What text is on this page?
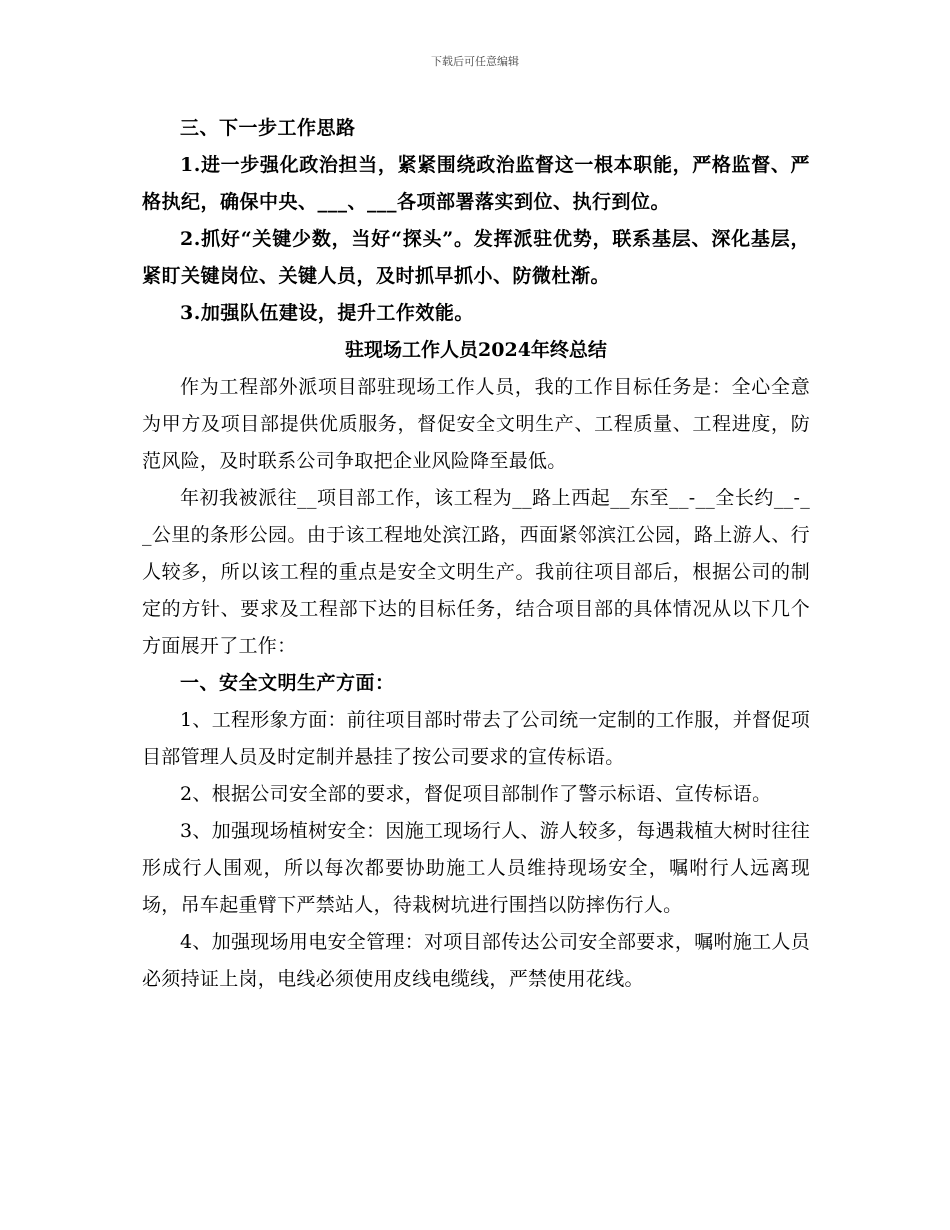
下载后可任意编辑

三、下一步工作思路

1.进一步强化政治担当，紧紧围绕政治监督这一根本职能，严格监督、严格执纪，确保中央、___、___各项部署落实到位、执行到位。

2.抓好“关键少数，当好“探头”。发挥派驻优势，联系基层、深化基层，紧盯关键岗位、关键人员，及时抓早抓小、防微杜渐。

3.加强队伍建设，提升工作效能。

驻现场工作人员2024年终总结

作为工程部外派项目部驻现场工作人员，我的工作目标任务是：全心全意为甲方及项目部提供优质服务，督促安全文明生产、工程质量、工程进度，防范风险，及时联系公司争取把企业风险降至最低。

年初我被派往__项目部工作，该工程为__路上西起__东至__-__全长约__-__公里的条形公园。由于该工程地处滨江路，西面紧邻滨江公园，路上游人、行人较多，所以该工程的重点是安全文明生产。我前往项目部后，根据公司的制定的方针、要求及工程部下达的目标任务，结合项目部的具体情况从以下几个方面展开了工作：

一、安全文明生产方面：

1、工程形象方面：前往项目部时带去了公司统一定制的工作服，并督促项目部管理人员及时定制并悬挂了按公司要求的宣传标语。

2、根据公司安全部的要求，督促项目部制作了警示标语、宣传标语。

3、加强现场植树安全：因施工现场行人、游人较多，每遇栽植大树时往往形成行人围观，所以每次都要协助施工人员维持现场安全，嘱咐行人远离现场，吊车起重臂下严禁站人，待栽树坑进行围挡以防摔伤行人。

4、加强现场用电安全管理：对项目部传达公司安全部要求，嘱咐施工人员必须持证上岗，电线必须使用皮线电缆线，严禁使用花线。
